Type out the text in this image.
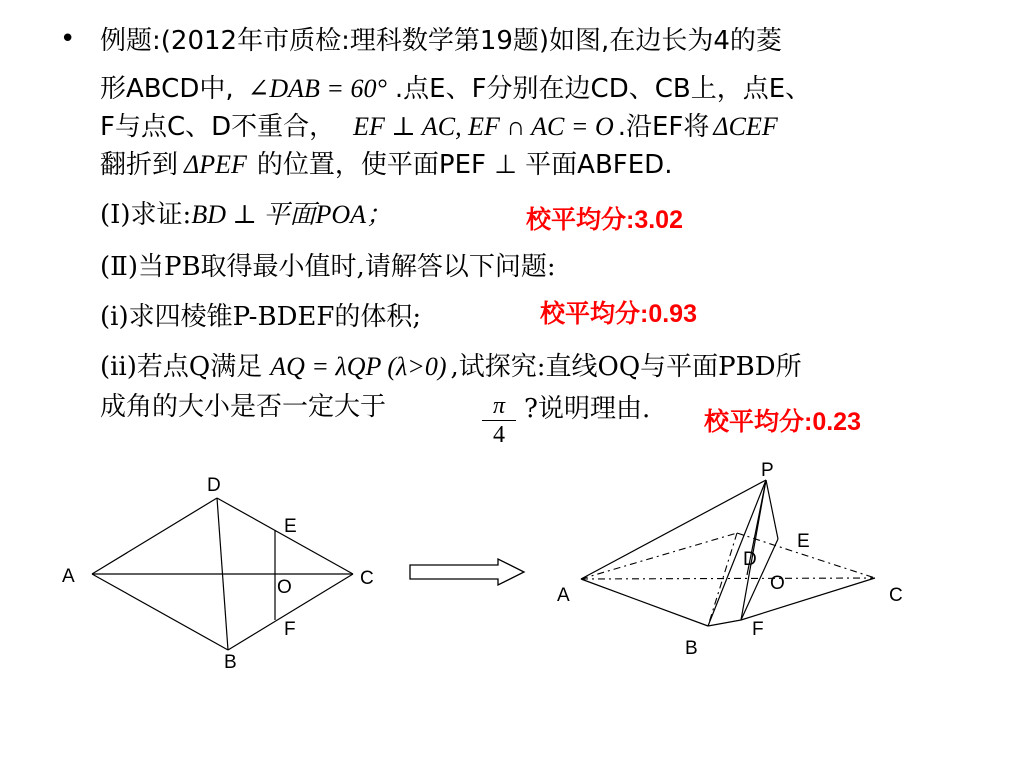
• 例题:(2012年市质检:理科数学第19题)如图,在边长为4的菱
形ABCD中, ∠DAB = 60° .点E、F分别在边CD、CB上，点E、
F与点C、D不重合， EF ⊥ AC, EF ∩ AC = O .沿EF将 ΔCEF
翻折到 ΔPEF 的位置，使平面PEF ⊥ 平面ABFED.
(Ⅰ)求证:BD ⊥ 平面POA；	校平均分:3.02
(Ⅱ)当PB取得最小值时,请解答以下问题:
(ⅰ)求四棱锥P-BDEF的体积;	校平均分:0.93
(ⅱ)若点Q满足 AQ = λQP (λ>0) ,试探究:直线OQ与平面PBD所
成角的大小是否一定大于	$\frac{\pi}{4}$ ?说明理由. 校平均分:0.23
D
E
A
O	C
F
B
P
E
D
O
A	C
F
B
